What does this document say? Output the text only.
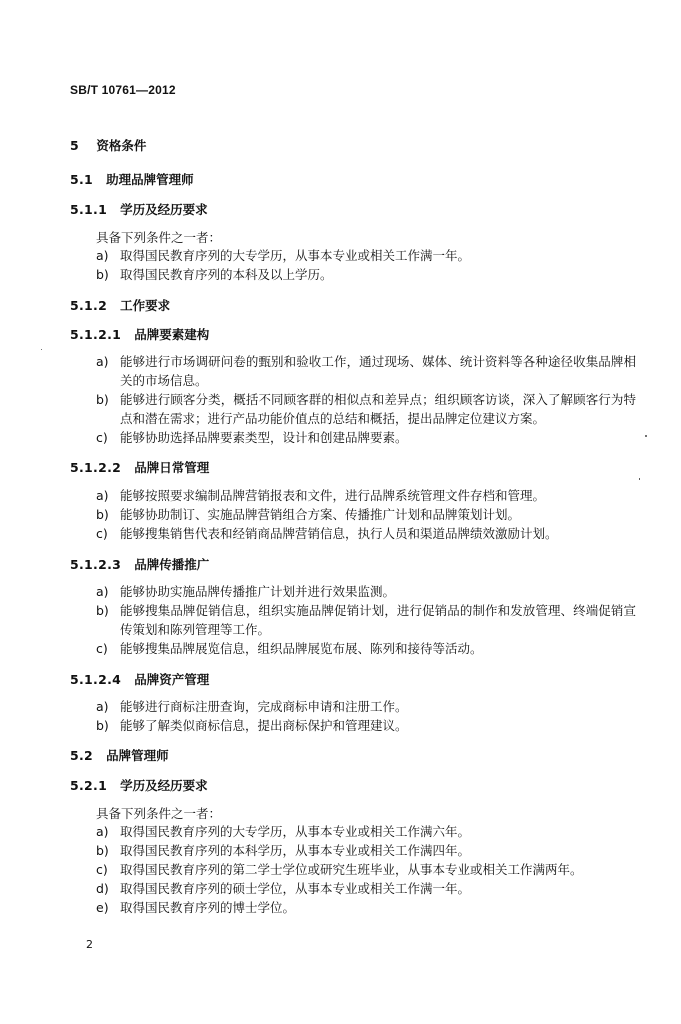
SB/T 10761—2012
5 资格条件
5.1 助理品牌管理师
5.1.1 学历及经历要求
具备下列条件之一者：
a) 取得国民教育序列的大专学历，从事本专业或相关工作满一年。
b) 取得国民教育序列的本科及以上学历。
5.1.2 工作要求
5.1.2.1 品牌要素建构
a) 能够进行市场调研问卷的甄别和验收工作，通过现场、媒体、统计资料等各种途径收集品牌相关的市场信息。
b) 能够进行顾客分类，概括不同顾客群的相似点和差异点；组织顾客访谈，深入了解顾客行为特点和潜在需求；进行产品功能价值点的总结和概括，提出品牌定位建议方案。
c) 能够协助选择品牌要素类型，设计和创建品牌要素。
5.1.2.2 品牌日常管理
a) 能够按照要求编制品牌营销报表和文件，进行品牌系统管理文件存档和管理。
b) 能够协助制订、实施品牌营销组合方案、传播推广计划和品牌策划计划。
c) 能够搜集销售代表和经销商品牌营销信息，执行人员和渠道品牌绩效激励计划。
5.1.2.3 品牌传播推广
a) 能够协助实施品牌传播推广计划并进行效果监测。
b) 能够搜集品牌促销信息，组织实施品牌促销计划，进行促销品的制作和发放管理、终端促销宣传策划和陈列管理等工作。
c) 能够搜集品牌展览信息，组织品牌展览布展、陈列和接待等活动。
5.1.2.4 品牌资产管理
a) 能够进行商标注册查询，完成商标申请和注册工作。
b) 能够了解类似商标信息，提出商标保护和管理建议。
5.2 品牌管理师
5.2.1 学历及经历要求
具备下列条件之一者：
a) 取得国民教育序列的大专学历，从事本专业或相关工作满六年。
b) 取得国民教育序列的本科学历，从事本专业或相关工作满四年。
c) 取得国民教育序列的第二学士学位或研究生班毕业，从事本专业或相关工作满两年。
d) 取得国民教育序列的硕士学位，从事本专业或相关工作满一年。
e) 取得国民教育序列的博士学位。
2
